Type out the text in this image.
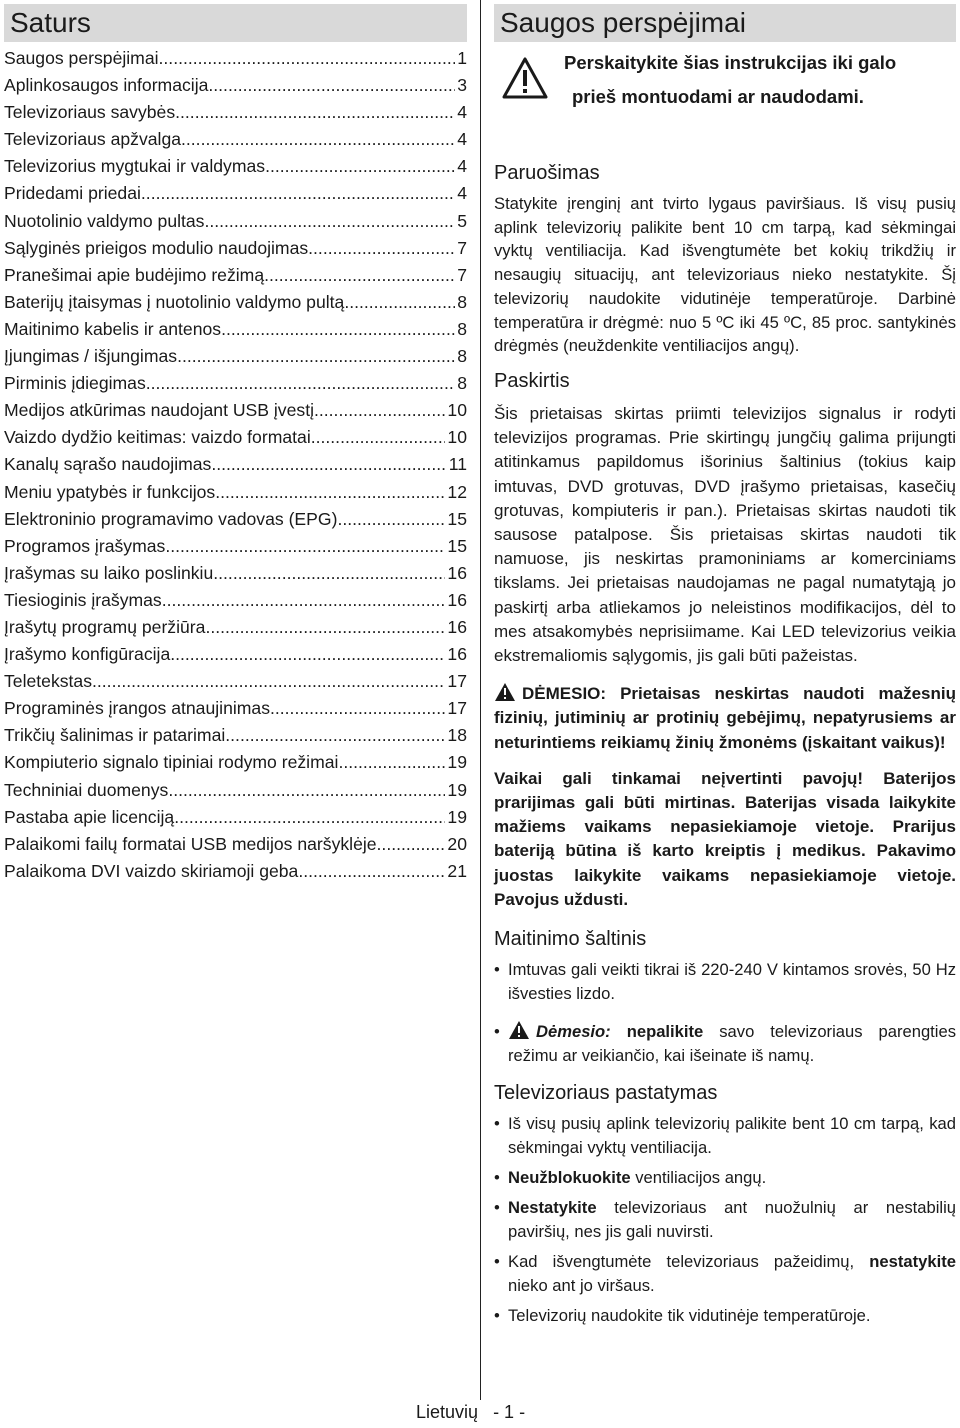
Saturs
Saugos perspėjimai .....	1
Aplinkosaugos informacija .....	3
Televizoriaus savybės .....	4
Televizoriaus apžvalga .....	4
Televizorius mygtukai ir valdymas .....	4
Pridedami priedai .....	4
Nuotolinio valdymo pultas .....	5
Sąlyginės prieigos modulio naudojimas .....	7
Pranešimai apie budėjimo režimą .....	7
Baterijų įtaisymas į nuotolinio valdymo pultą .....	8
Maitinimo kabelis ir antenos .....	8
Įjungimas / išjungimas .....	8
Pirminis įdiegimas .....	8
Medijos atkūrimas naudojant USB įvestį .....	10
Vaizdo dydžio keitimas: vaizdo formatai .....	10
Kanalų sąrašo naudojimas .....	11
Meniu ypatybės ir funkcijos .....	12
Elektroninio programavimo vadovas (EPG) .....	15
Programos įrašymas .....	15
Įrašymas su laiko poslinkiu .....	16
Tiesioginis įrašymas .....	16
Įrašytų programų peržiūra .....	16
Įrašymo konfigūracija .....	16
Teletekstas .....	17
Programinės įrangos atnaujinimas .....	17
Trikčių šalinimas ir patarimai .....	18
Kompiuterio signalo tipiniai rodymo režimai .....	19
Techniniai duomenys .....	19
Pastaba apie licenciją .....	19
Palaikomi failų formatai USB medijos naršyklėje .....	20
Palaikoma DVI vaizdo skiriamoji geba .....	21
Saugos perspėjimai
Perskaitykite šias instrukcijas iki galo
prieš montuodami ar naudodami.
Paruošimas

Statykite įrenginį ant tvirto lygaus paviršiaus. Iš visų pusių aplink televizorių palikite bent 10 cm tarpą, kad sėkmingai vyktų ventiliacija. Kad išvengtumėte bet kokių trikdžių ir nesaugių situacijų, ant televizoriaus nieko nestatykite. Šį televizorių naudokite vidutinėje temperatūroje. Darbinė temperatūra ir drėgmė: nuo 5 ºC iki 45 ºC, 85 proc. santykinės drėgmės (neuždenkite ventiliacijos angų).

Paskirtis

Šis prietaisas skirtas priimti televizijos signalus ir rodyti televizijos programas. Prie skirtingų jungčių galima prijungti atitinkamus papildomus išorinius šaltinius (tokius kaip imtuvas, DVD grotuvas, DVD įrašymo prietaisas, kasečių grotuvas, kompiuteris ir pan.). Prietaisas skirtas naudoti tik sausose patalpose. Šis prietaisas skirtas naudoti tik namuose, jis neskirtas pramoniniams ar komerciniams tikslams. Jei prietaisas naudojamas ne pagal numatytąją jo paskirtį arba atliekamos jo neleistinos modifikacijos, dėl to mes atsakomybės neprisiimame. Kai LED televizorius veikia ekstremaliomis sąlygomis, jis gali būti pažeistas.

DĖMESIO: Prietaisas neskirtas naudoti mažesnių fizinių, jutiminių ar protinių gebėjimų, nepatyrusiems ar neturintiems reikiamų žinių žmonėms (įskaitant vaikus)!

Vaikai gali tinkamai neįvertinti pavojų! Baterijos prarijimas gali būti mirtinas. Baterijas visada laikykite mažiems vaikams nepasiekiamoje vietoje. Prarijus bateriją būtina iš karto kreiptis į medikus. Pakavimo juostas laikykite vaikams nepasiekiamoje vietoje. Pavojus uždusti.

Maitinimo šaltinis
• Imtuvas gali veikti tikrai iš 220-240 V kintamos srovės, 50 Hz išvesties lizdo.
• Dėmesio: nepalikite savo televizoriaus parengties režimu ar veikiančio, kai išeinate iš namų.
Televizoriaus pastatymas
• Iš visų pusių aplink televizorių palikite bent 10 cm tarpą, kad sėkmingai vyktų ventiliacija.
• Neužblokuokite ventiliacijos angų.
• Nestatykite televizoriaus ant nuožulnių ar nestabilių paviršių, nes jis gali nuvirsti.
• Kad išvengtumėte televizoriaus pažeidimų, nestatykite nieko ant jo viršaus.
• Televizorių naudokite tik vidutinėje temperatūroje.
Lietuvių - 1 -
